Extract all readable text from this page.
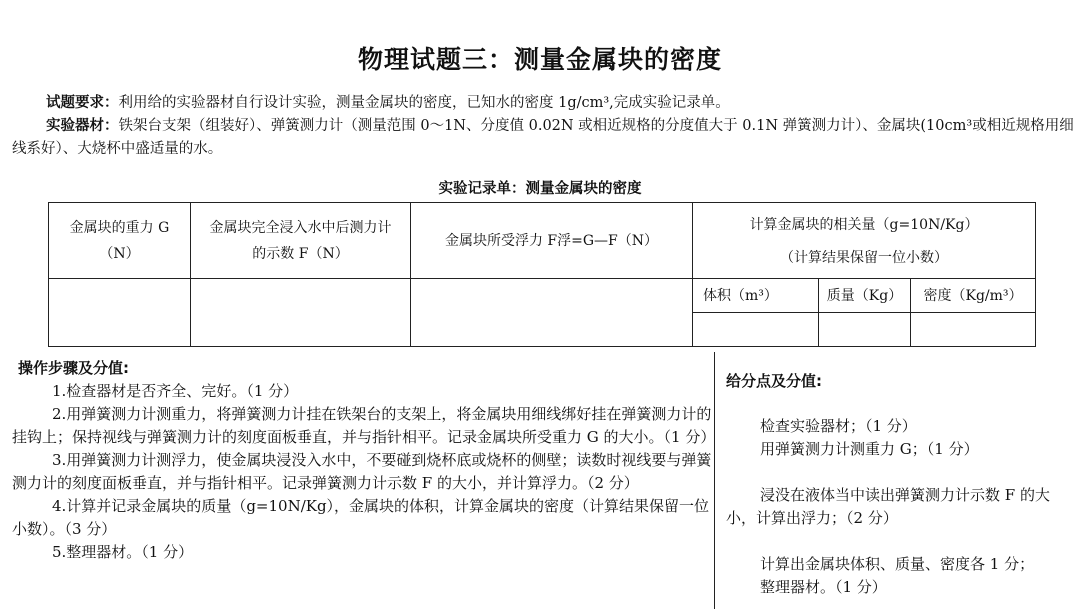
物理试题三：测量金属块的密度

试题要求：利用给的实验器材自行设计实验，测量金属块的密度，已知水的密度 1g/cm³,完成实验记录单。

实验器材：铁架台支架（组装好）、弹簧测力计（测量范围 0～1N、分度值 0.02N 或相近规格的分度值大于 0.1N 弹簧测力计）、金属块(10cm³或相近规格用细线系好）、大烧杯中盛适量的水。

实验记录单：测量金属块的密度
金属块的重力 G（N）	金属块完全浸入水中后测力计的示数 F（N）	金属块所受浮力 F浮=G—F（N）	计算金属块的相关量（g=10N/Kg）		
			（计算结果保留一位小数）		
			体积（m³）	质量（Kg）	密度（Kg/m³）

操作步骤及分值:

1.检查器材是否齐全、完好。（1 分）

2.用弹簧测力计测重力，将弹簧测力计挂在铁架台的支架上，将金属块用细线绑好挂在弹簧测力计的挂钩上；保持视线与弹簧测力计的刻度面板垂直，并与指针相平。记录金属块所受重力 G 的大小。（1 分）

3.用弹簧测力计测浮力，使金属块浸没入水中，不要碰到烧杯底或烧杯的侧壁；读数时视线要与弹簧测力计的刻度面板垂直，并与指针相平。记录弹簧测力计示数 F 的大小，并计算浮力。（2 分）

4.计算并记录金属块的质量（g=10N/Kg），金属块的体积，计算金属块的密度（计算结果保留一位小数）。（3 分）

5.整理器材。（1 分）

给分点及分值:

检查实验器材；（1 分）

用弹簧测力计测重力 G；（1 分）

浸没在液体当中读出弹簧测力计示数 F 的大小，计算出浮力；（2 分）

计算出金属块体积、质量、密度各 1 分；

整理器材。（1 分）
